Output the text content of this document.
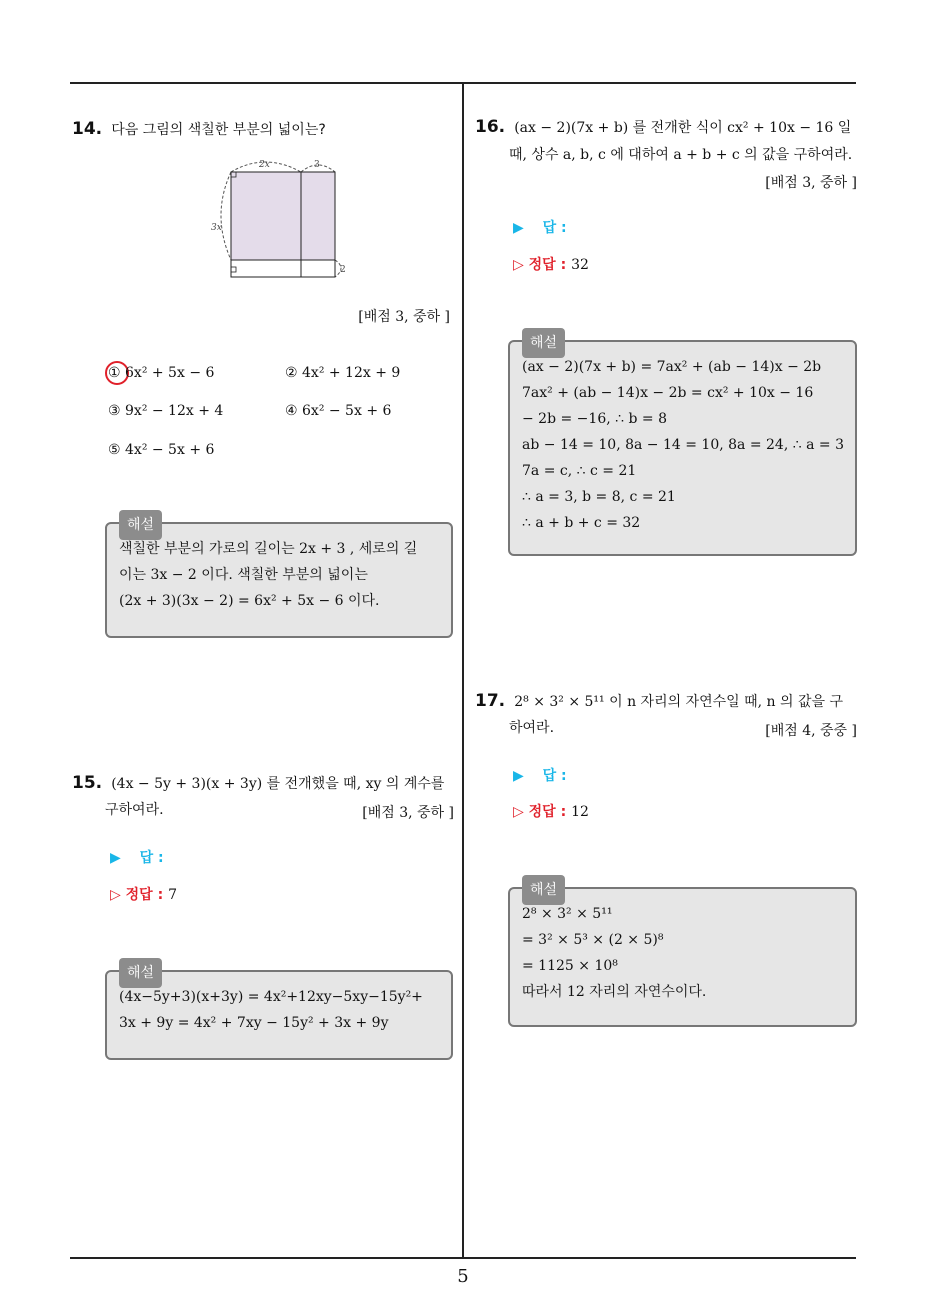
14. 다음 그림의 색칠한 부분의 넓이는?
2x	3
3x
2
[배점 3, 중하 ]
① 6x² + 5x − 6	② 4x² + 12x + 9
③ 9x² − 12x + 4	④ 6x² − 5x + 6
⑤ 4x² − 5x + 6
해설
색칠한 부분의 가로의 길이는 2x + 3 , 세로의 길
이는 3x − 2 이다. 색칠한 부분의 넓이는
(2x + 3)(3x − 2) = 6x² + 5x − 6 이다.
15. (4x − 5y + 3)(x + 3y) 를 전개했을 때, xy 의 계수를
구하여라.	[배점 3, 중하 ]
▶ 답 :
▷ 정답 : 7
해설
(4x−5y+3)(x+3y) = 4x²+12xy−5xy−15y²+
3x + 9y = 4x² + 7xy − 15y² + 3x + 9y
16. (ax − 2)(7x + b) 를 전개한 식이 cx² + 10x − 16 일
때, 상수 a, b, c 에 대하여 a + b + c 의 값을 구하여라.
[배점 3, 중하 ]
▶ 답 :
▷ 정답 : 32
해설
(ax − 2)(7x + b) = 7ax² + (ab − 14)x − 2b
7ax² + (ab − 14)x − 2b = cx² + 10x − 16
− 2b = −16, ∴ b = 8
ab − 14 = 10, 8a − 14 = 10, 8a = 24, ∴ a = 3
7a = c, ∴ c = 21
∴ a = 3, b = 8, c = 21
∴ a + b + c = 32
17. 2⁸ × 3² × 5¹¹ 이 n 자리의 자연수일 때, n 의 값을 구
하여라.	[배점 4, 중중 ]
▶ 답 :
▷ 정답 : 12
해설
2⁸ × 3² × 5¹¹
= 3² × 5³ × (2 × 5)⁸
= 1125 × 10⁸
따라서 12 자리의 자연수이다.
5
